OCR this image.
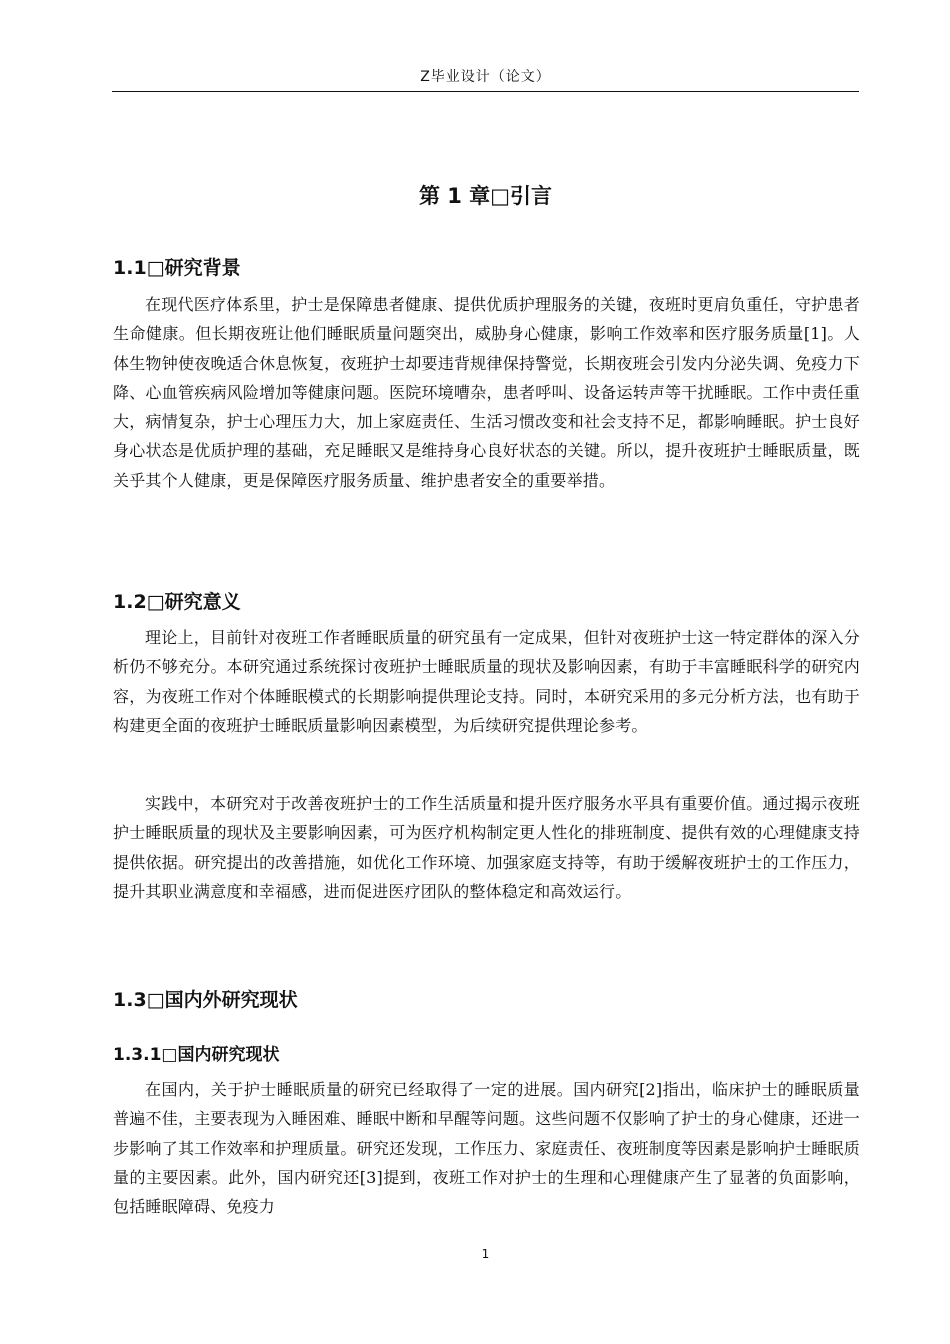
Z毕业设计（论文）
第 1 章□引言
1.1□研究背景
在现代医疗体系里，护士是保障患者健康、提供优质护理服务的关键，夜班时更肩负重任，守护患者生命健康。但长期夜班让他们睡眠质量问题突出，威胁身心健康，影响工作效率和医疗服务质量[1]。人体生物钟使夜晚适合休息恢复，夜班护士却要违背规律保持警觉，长期夜班会引发内分泌失调、免疫力下降、心血管疾病风险增加等健康问题。医院环境嘈杂，患者呼叫、设备运转声等干扰睡眠。工作中责任重大，病情复杂，护士心理压力大，加上家庭责任、生活习惯改变和社会支持不足，都影响睡眠。护士良好身心状态是优质护理的基础，充足睡眠又是维持身心良好状态的关键。所以，提升夜班护士睡眠质量，既关乎其个人健康，更是保障医疗服务质量、维护患者安全的重要举措。
1.2□研究意义
理论上，目前针对夜班工作者睡眠质量的研究虽有一定成果，但针对夜班护士这一特定群体的深入分析仍不够充分。本研究通过系统探讨夜班护士睡眠质量的现状及影响因素，有助于丰富睡眠科学的研究内容，为夜班工作对个体睡眠模式的长期影响提供理论支持。同时，本研究采用的多元分析方法，也有助于构建更全面的夜班护士睡眠质量影响因素模型，为后续研究提供理论参考。
实践中，本研究对于改善夜班护士的工作生活质量和提升医疗服务水平具有重要价值。通过揭示夜班护士睡眠质量的现状及主要影响因素，可为医疗机构制定更人性化的排班制度、提供有效的心理健康支持提供依据。研究提出的改善措施，如优化工作环境、加强家庭支持等，有助于缓解夜班护士的工作压力，提升其职业满意度和幸福感，进而促进医疗团队的整体稳定和高效运行。
1.3□国内外研究现状
1.3.1□国内研究现状
在国内，关于护士睡眠质量的研究已经取得了一定的进展。国内研究[2]指出，临床护士的睡眠质量普遍不佳，主要表现为入睡困难、睡眠中断和早醒等问题。这些问题不仅影响了护士的身心健康，还进一步影响了其工作效率和护理质量。研究还发现，工作压力、家庭责任、夜班制度等因素是影响护士睡眠质量的主要因素。此外，国内研究还[3]提到，夜班工作对护士的生理和心理健康产生了显著的负面影响，包括睡眠障碍、免疫力
1
